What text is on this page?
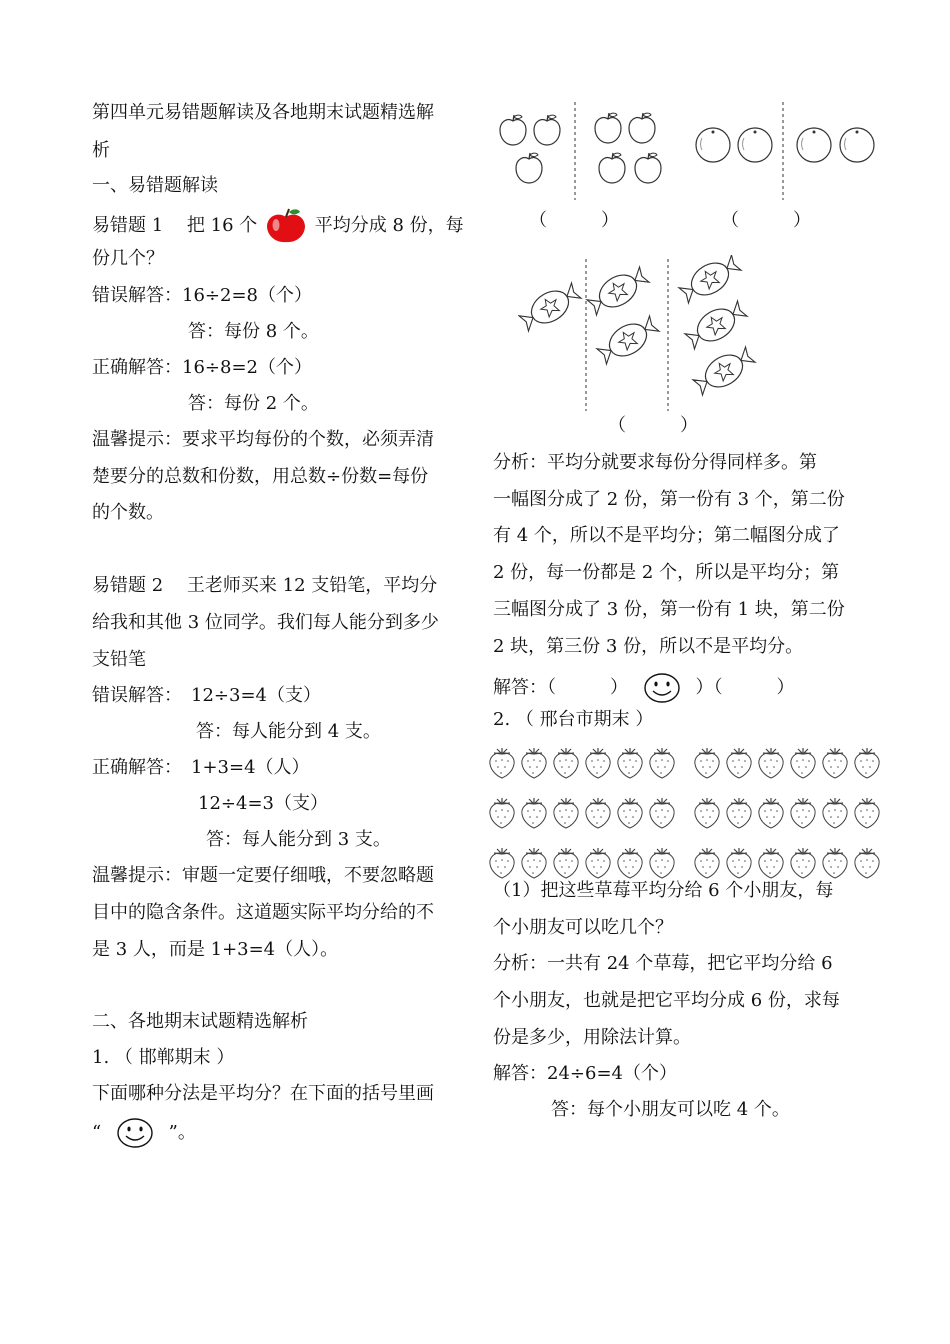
第四单元易错题解读及各地期末试题精选解
析
一、易错题解读
易错题 1　 把 16 个	平均分成 8 份，每
份几个？
错误解答：16÷2=8（个）
答：每份 8 个。
正确解答：16÷8=2（个）
答：每份 2 个。
温馨提示：要求平均每份的个数，必须弄清
楚要分的总数和份数，用总数÷份数=每份
的个数。
易错题 2　 王老师买来 12 支铅笔，平均分
给我和其他 3 位同学。我们每人能分到多少
支铅笔
错误解答：　12÷3=4（支）
答：每人能分到 4 支。
正确解答：　1+3=4（人）
12÷4=3（支）
答：每人能分到 3 支。
温馨提示：审题一定要仔细哦，不要忽略题
目中的隐含条件。这道题实际平均分给的不
是 3 人，而是 1+3=4（人）。
二、各地期末试题精选解析
1. （ 邯郸期末 ）
下面哪种分法是平均分？在下面的括号里画
“	”。
（　　　）	（　　　）
（　　　）
分析：平均分就要求每份分得同样多。第
一幅图分成了 2 份，第一份有 3 个，第二份
有 4 个，所以不是平均分；第二幅图分成了
2 份，每一份都是 2 个，所以是平均分；第
三幅图分成了 3 份，第一份有 1 块，第二份
2 块，第三份 3 份，所以不是平均分。
解答：（　　　）	）（　　　）
2. （ 邢台市期末 ）
（1）把这些草莓平均分给 6 个小朋友，每
个小朋友可以吃几个？
分析：一共有 24 个草莓，把它平均分给 6
个小朋友，也就是把它平均分成 6 份，求每
份是多少，用除法计算。
解答：24÷6=4（个）
答：每个小朋友可以吃 4 个。
